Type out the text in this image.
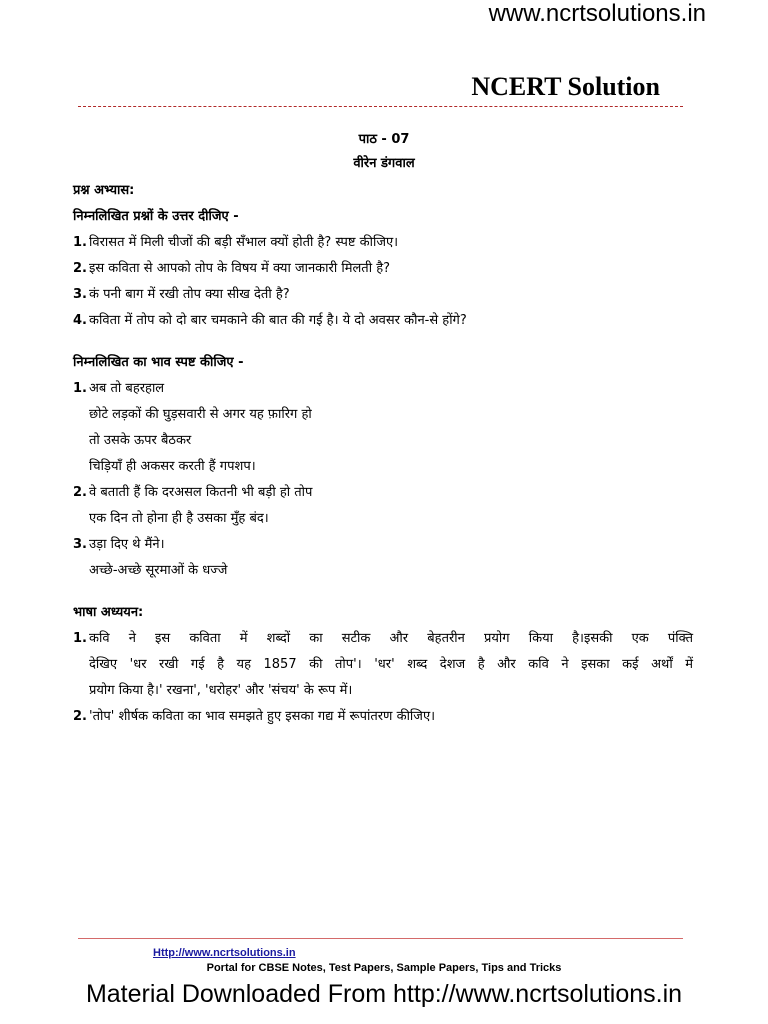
www.ncrtsolutions.in
NCERT Solution
पाठ - 07
वीरेन डंगवाल
प्रश्न अभ्यास:
निम्नलिखित प्रश्नों के उत्तर दीजिए -
1. विरासत में मिली चीजों की बड़ी सँभाल क्यों होती है? स्पष्ट कीजिए।
2. इस कविता से आपको तोप के विषय में क्या जानकारी मिलती है?
3. कं पनी बाग में रखी तोप क्या सीख देती है?
4. कविता में तोप को दो बार चमकाने की बात की गई है। ये दो अवसर कौन-से होंगे?
निम्नलिखित का भाव स्पष्ट कीजिए -
1. अब तो बहरहाल
छोटे लड़कों की घुड़सवारी से अगर यह फ़ारिग हो
तो उसके ऊपर बैठकर
चिड़ियाँ ही अकसर करती हैं गपशप।
2. वे बताती हैं कि दरअसल कितनी भी बड़ी हो तोप
एक दिन तो होना ही है उसका मुँह बंद।
3. उड़ा दिए थे मैंने।
अच्छे-अच्छे सूरमाओं के धज्जे
भाषा अध्ययन:
1. कवि ने इस कविता में शब्दों का सटीक और बेहतरीन प्रयोग किया है।इसकी एक पंक्ति
देखिए 'धर रखी गई है यह 1857 की तोप'। 'धर' शब्द देशज है और कवि ने इसका कई अर्थों में
प्रयोग किया है।' रखना', 'धरोहर' और 'संचय' के रूप में।
2. 'तोप' शीर्षक कविता का भाव समझते हुए इसका गद्य में रूपांतरण कीजिए।
Http://www.ncrtsolutions.in
Portal for CBSE Notes, Test Papers, Sample Papers, Tips and Tricks
Material Downloaded From http://www.ncrtsolutions.in
